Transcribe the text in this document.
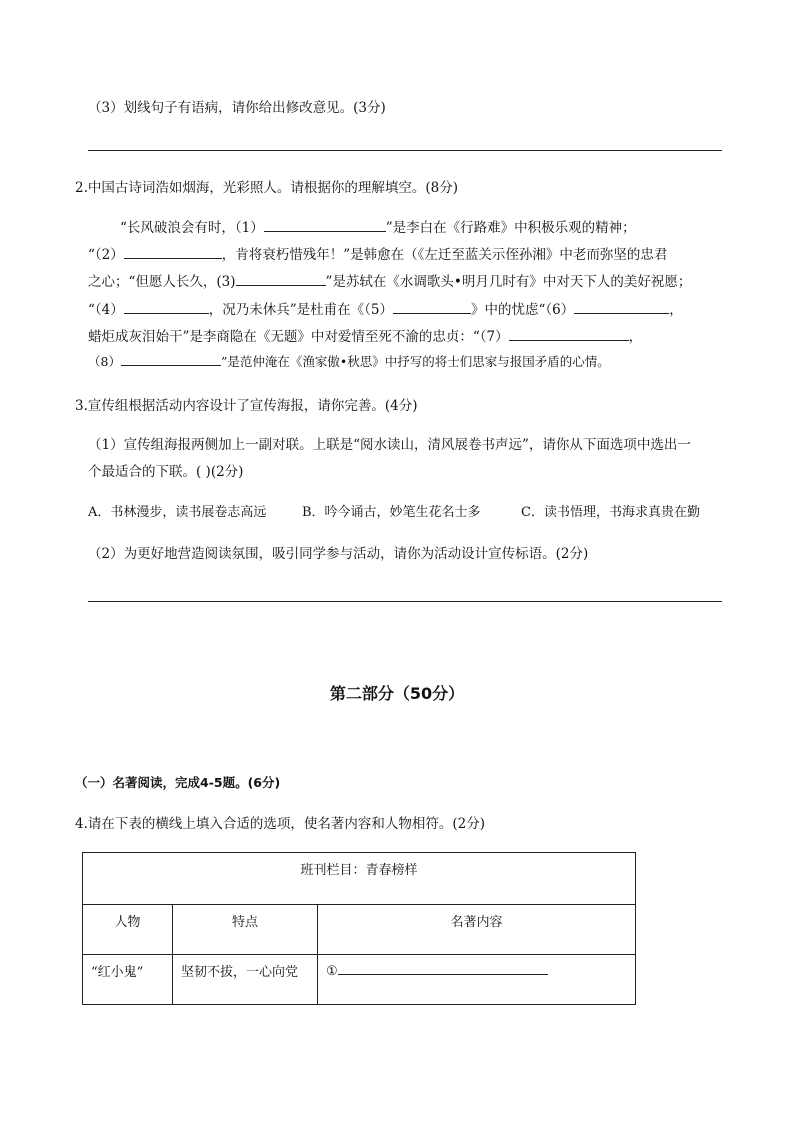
（3）划线句子有语病，请你给出修改意见。(3分)
2.中国古诗词浩如烟海，光彩照人。请根据你的理解填空。(8分)
“长风破浪会有时，（1）	”是李白在《行路难》中积极乐观的精神；
“（2）	，肯将衰朽惜残年！”是韩愈在（《左迁至蓝关示侄孙湘》中老而弥坚的忠君
之心；“但愿人长久，(3)	”是苏轼在《水调歌头•明月几时有》中对天下人的美好祝愿；
“（4）	，况乃未休兵”是杜甫在《（5）	》中的忧虑“（6）	，
蜡炬成灰泪始干”是李商隐在《无题》中对爱情至死不渝的忠贞：“（7）	，
（8）	”是范仲淹在《渔家傲•秋思》中抒写的将士们思家与报国矛盾的心情。
3.宣传组根据活动内容设计了宣传海报，请你完善。(4分)
（1）宣传组海报两侧加上一副对联。上联是“阅水读山，清风展卷书声远”，请你从下面选项中选出一
个最适合的下联。( )(2分)
A．书林漫步，读书展卷志高远	B．吟今诵古，妙笔生花名士多	C．读书悟理，书海求真贵在勤
（2）为更好地营造阅读氛围，吸引同学参与活动，请你为活动设计宣传标语。(2分)
第二部分（50分）
（一）名著阅读，完成4-5题。(6分)
4.请在下表的横线上填入合适的选项，使名著内容和人物相符。(2分)
班刊栏目：青春榜样		
人物	特点	名著内容
“红小鬼”	坚韧不拔，一心向党	①
